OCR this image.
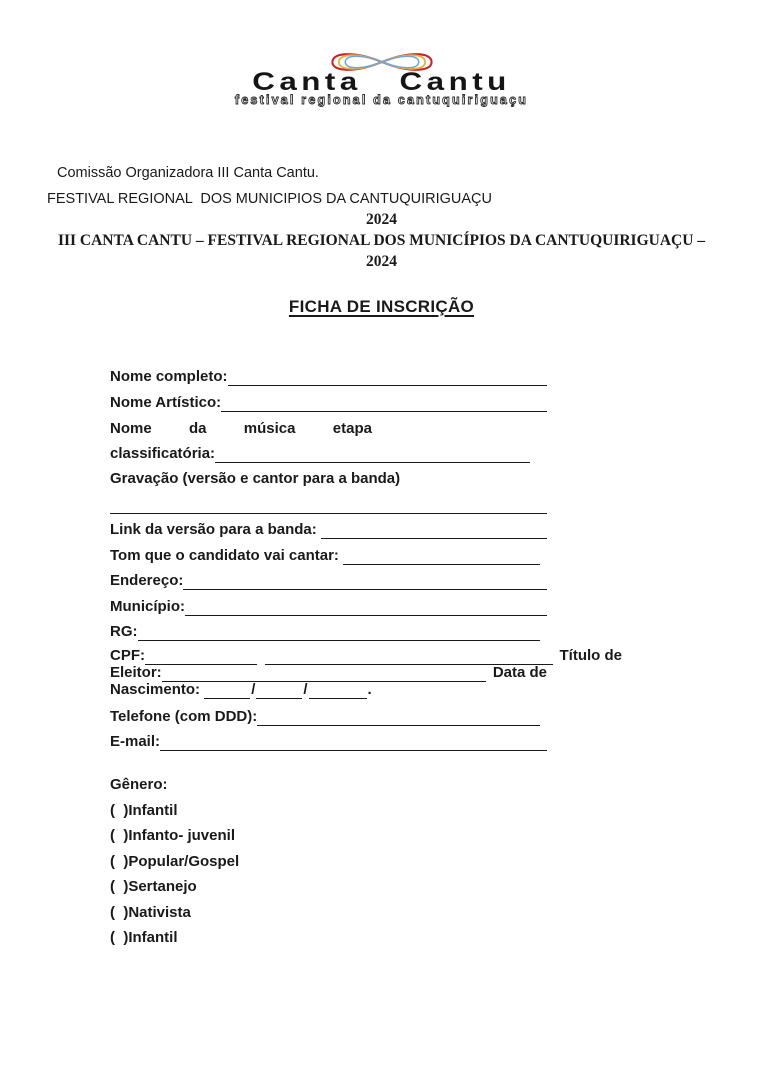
Canta Cantu
festival regional da cantuquiriguaçu
Comissão Organizadora III Canta Cantu.
FESTIVAL REGIONAL  DOS MUNICIPIOS DA CANTUQUIRIGUAÇU
2024
III CANTA CANTU – FESTIVAL REGIONAL DOS MUNICÍPIOS DA CANTUQUIRIGUAÇU –
2024
FICHA DE INSCRIÇÃO
Nome completo:
Nome Artístico:
Nome da música etapa
classificatória:
Gravação (versão e cantor para a banda)
Link da versão para a banda:
Tom que o candidato vai cantar:
Endereço:
Município:
RG:
CPF:	Título de
Eleitor:	Data de
Nascimento:	/	/	.
Telefone (com DDD):
E-mail:
Gênero:
(  ) Infantil
(  ) Infanto- juvenil
(  ) Popular/Gospel
(  ) Sertanejo
(  ) Nativista
(  ) Infantil
